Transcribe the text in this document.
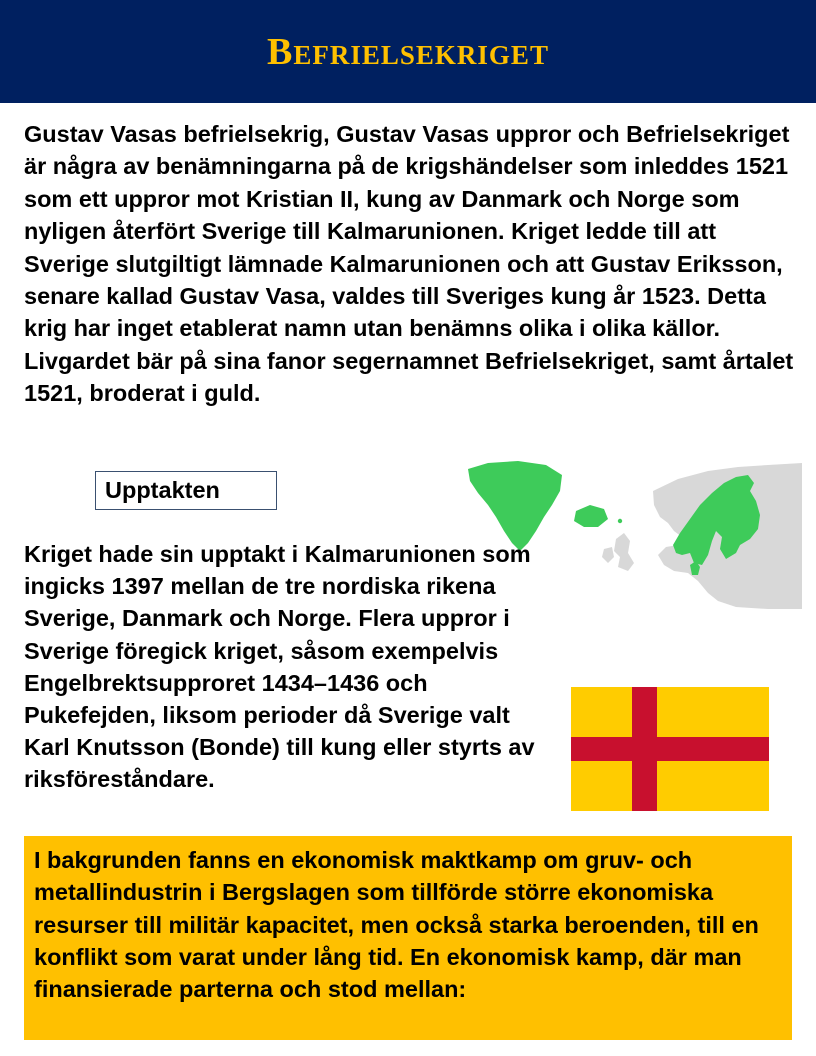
Befrielsekriget

Gustav Vasas befrielsekrig, Gustav Vasas uppror och Befrielsekriget är några av benämningarna på de krigshändelser som inleddes 1521 som ett uppror mot Kristian II, kung av Danmark och Norge som nyligen återfört Sverige till Kalmarunionen. Kriget ledde till att Sverige slutgiltigt lämnade Kalmarunionen och att Gustav Eriksson, senare kallad Gustav Vasa, valdes till Sveriges kung år 1523. Detta krig har inget etablerat namn utan benämns olika i olika källor. Livgardet bär på sina fanor segernamnet Befrielsekriget, samt årtalet 1521, broderat i guld.

Upptakten

Kriget hade sin upptakt i Kalmarunionen som ingicks 1397 mellan de tre nordiska rikena Sverige, Danmark och Norge. Flera uppror i Sverige föregick kriget, såsom exempelvis Engelbrektsupproret 1434–1436 och Pukefejden, liksom perioder då Sverige valt Karl Knutsson (Bonde) till kung eller styrts av riksföreståndare.

I bakgrunden fanns en ekonomisk maktkamp om gruv- och metallindustrin i Bergslagen som tillförde större ekonomiska resurser till militär kapacitet, men också starka beroenden, till en konflikt som varat under lång tid. En ekonomisk kamp, där man finansierade parterna och stod mellan:
